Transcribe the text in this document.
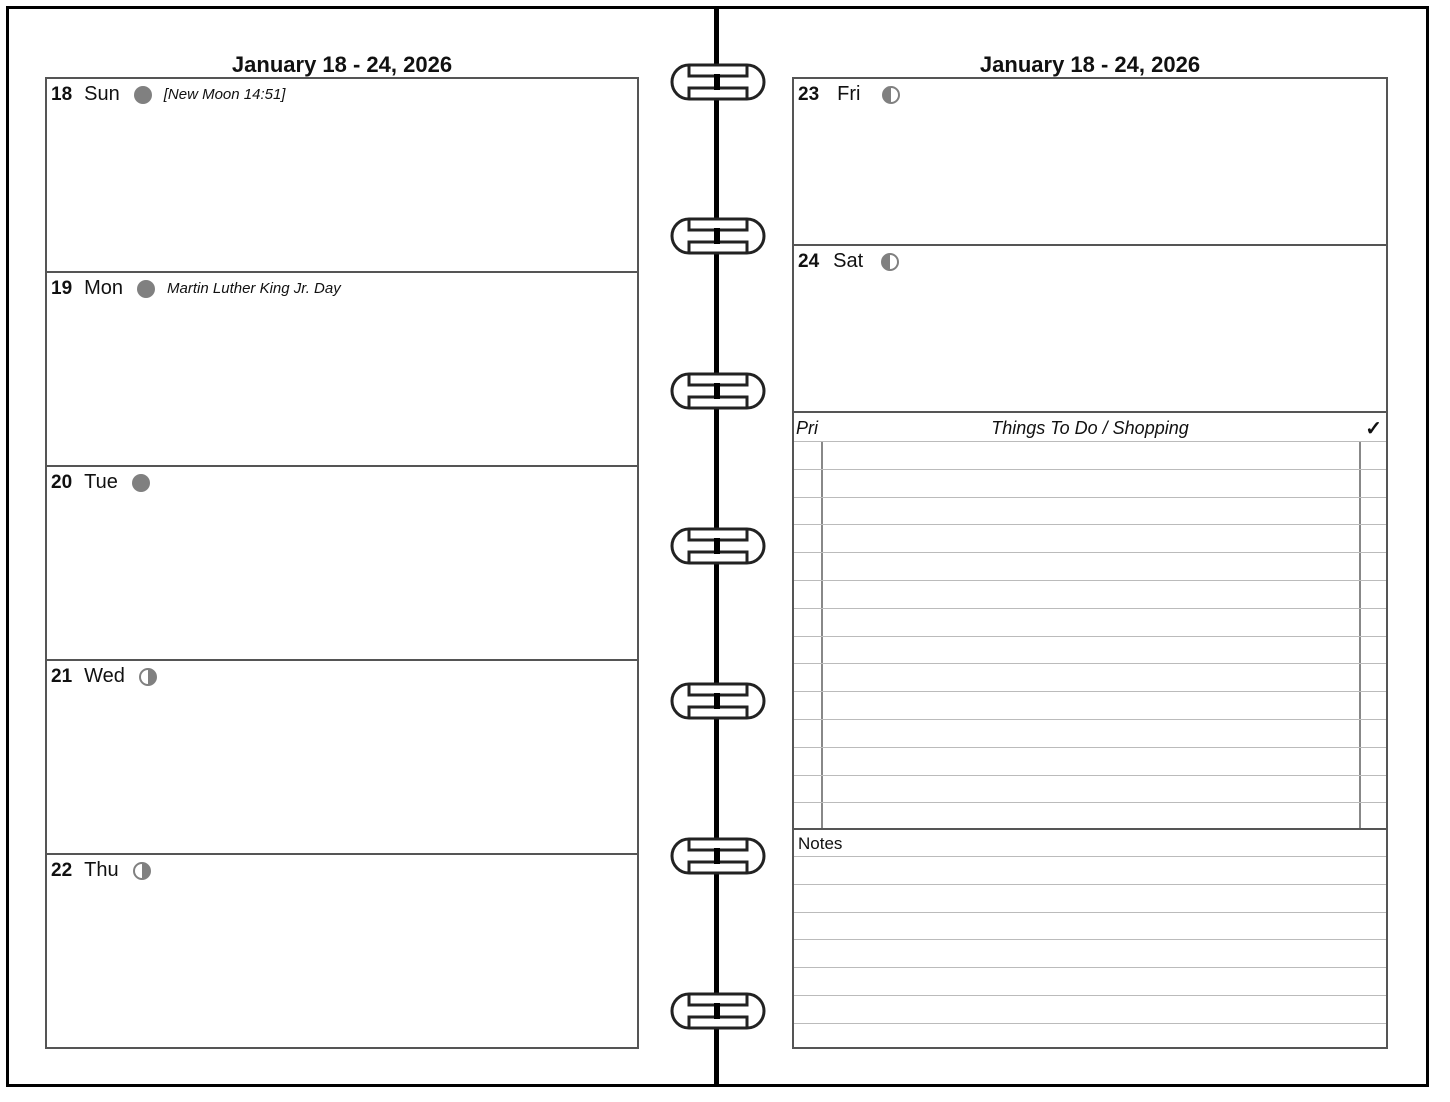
January 18 - 24, 2026
18 Sun	[New Moon 14:51]
19 Mon	Martin Luther King Jr. Day
20 Tue
21 Wed
22 Thu
January 18 - 24, 2026
23 Fri
24 Sat
Pri	Things To Do / Shopping	✓
Notes
